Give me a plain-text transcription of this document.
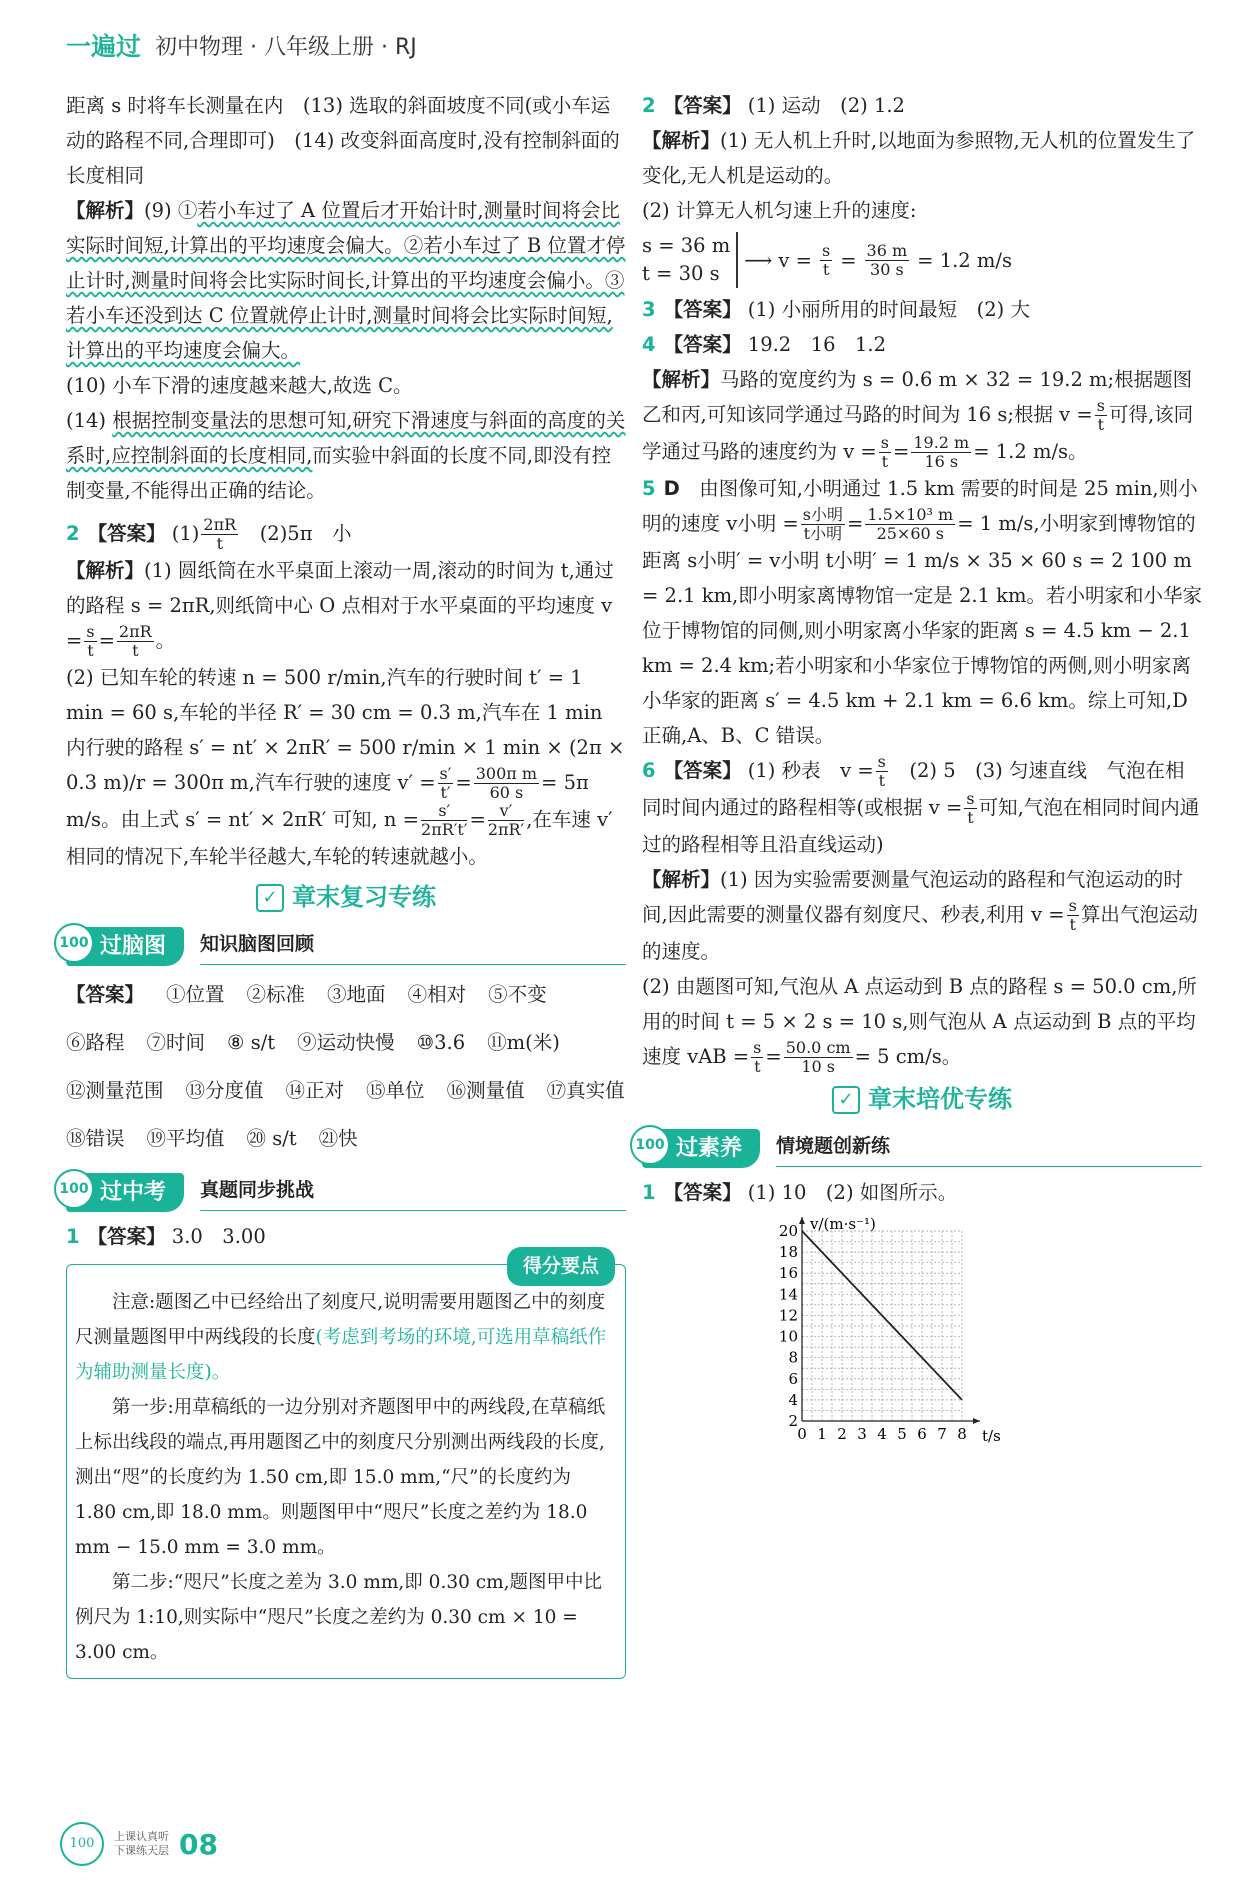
一遍过 初中物理 · 八年级上册 · RJ

距离 s 时将车长测量在内　(13) 选取的斜面坡度不同(或小车运动的路程不同,合理即可)　(14) 改变斜面高度时,没有控制斜面的长度相同

【解析】(9) ①若小车过了 A 位置后才开始计时,测量时间将会比实际时间短,计算出的平均速度会偏大。②若小车过了 B 位置才停止计时,测量时间将会比实际时间长,计算出的平均速度会偏小。③若小车还没到达 C 位置就停止计时,测量时间将会比实际时间短,计算出的平均速度会偏大。

(10) 小车下滑的速度越来越大,故选 C。

(14) 根据控制变量法的思想可知,研究下滑速度与斜面的高度的关系时,应控制斜面的长度相同,而实验中斜面的长度不同,即没有控制变量,不能得出正确的结论。

2 【答案】 $(1) \frac{2\pi R}{t}$
　 (2)5π　小

【解析】(1) 圆纸筒在水平桌面上滚动一周,滚动的时间为 t,通过的路程 s = 2πR,则纸筒中心 O 点相对于水平桌面的平均速度 $v = \frac{s}{t} = \frac{2\pi R}{t}$ 。

(2) 已知车轮的转速 n = 500 r/min,汽车的行驶时间 t′ = 1 min = 60 s,车轮的半径 R′ = 30 cm = 0.3 m,汽车在 1 min 内行驶的路程 s′ = nt′ × 2πR′ = 500 r/min × 1 min × (2π × 0.3 m)/r = 300π m,汽车行驶的速度 $v' = \frac{s'}{t'} = \frac{\text{300π m}}{60 s} = 5\pi$ m/s。由上式 s′ = nt′ × 2πR′ 可知, $n = \frac{s'}{2\pi R't'} = \frac{v'}{2\pi R'}$ ,在车速 v′ 相同的情况下,车轮半径越大,车轮的转速就越小。

✓ 章末复习专练
100 过脑图	知识脑图回顾
【答案】 ①位置 ②标准 ③地面 ④相对 ⑤不变
⑥路程 ⑦时间 ⑧ s/t ⑨运动快慢 ⑩3.6 ⑪m(米)
⑫测量范围 ⑬分度值 ⑭正对 ⑮单位 ⑯测量值 ⑰真实值
⑱错误 ⑲平均值 ⑳ s/t ㉑快
100 过中考	真题同步挑战

1 【答案】 3.0　3.00

得分要点

　　注意:题图乙中已经给出了刻度尺,说明需要用题图乙中的刻度尺测量题图甲中两线段的长度(考虑到考场的环境,可选用草稿纸作为辅助测量长度)。

第一步:用草稿纸的一边分别对齐题图甲中的两线段,在草稿纸上标出线段的端点,再用题图乙中的刻度尺分别测出两线段的长度,测出“咫”的长度约为 1.50 cm,即 15.0 mm,“尺”的长度约为 1.80 cm,即 18.0 mm。则题图甲中“咫尺”长度之差约为 18.0 mm − 15.0 mm = 3.0 mm。

第二步:“咫尺”长度之差为 3.0 mm,即 0.30 cm,题图甲中比例尺为 1:10,则实际中“咫尺”长度之差约为 0.30 cm × 10 = 3.00 cm。

2 【答案】 (1) 运动　(2) 1.2

【解析】(1) 无人机上升时,以地面为参照物,无人机的位置发生了变化,无人机是运动的。

(2) 计算无人机匀速上升的速度:

s = 36 m
t = 30 s
⟶ $v = \frac{s}{t} = \frac{36 m}{30 s} = 1.2$ m/s

3 【答案】 (1) 小丽所用的时间最短　(2) 大

4 【答案】 19.2　16　1.2

【解析】马路的宽度约为 s = 0.6 m × 32 = 19.2 m;根据题图乙和丙,可知该同学通过马路的时间为 16 s;根据 $v = \frac{s}{t}$ 可得,该同学通过马路的速度约为 $v = \frac{s}{t} = \frac{19.2 m}{16 s} = 1.2$ m/s。

5 D　 由图像可知,小明通过 1.5 km 需要的时间是 25 min,则小明的速度 v小明 = $\frac{\text{s小明}}{\text{t小明}} = \frac{\text{1.5×10³ m}}{25\times 60 s} = 1$ m/s,小明家到博物馆的距离 s小明′ = v小明 t小明′ = 1 m/s × 35 × 60 s = 2 100 m = 2.1 km,即小明家离博物馆一定是 2.1 km。若小明家和小华家位于博物馆的同侧,则小明家离小华家的距离 s = 4.5 km − 2.1 km = 2.4 km;若小明家和小华家位于博物馆的两侧,则小明家离小华家的距离 s′ = 4.5 km + 2.1 km = 6.6 km。综上可知,D 正确,A、B、C 错误。

6 【答案】 (1) 秒表　$v = \frac{s}{t}$
　 (2) 5　(3) 匀速直线　气泡在相同时间内通过的路程相等(或根据 $v = \frac{s}{t}$ 可知,气泡在相同时间内通过的路程相等且沿直线运动)

【解析】(1) 因为实验需要测量气泡运动的路程和气泡运动的时间,因此需要的测量仪器有刻度尺、秒表,利用 $v = \frac{s}{t}$ 算出气泡运动的速度。

(2) 由题图可知,气泡从 A 点运动到 B 点的路程 s = 50.0 cm,所用的时间 t = 5 × 2 s = 10 s,则气泡从 A 点运动到 B 点的平均速度 vAB = $\frac{s}{t} = \frac{50.0 cm}{10 s} = 5$ cm/s。

✓ 章末培优专练
100 过素养	情境题创新练

1 【答案】 (1) 10　(2) 如图所示。

0 1 2 3 4 5 6 7 8
2
4
6
8
10
12
14
16
18
20 v/(m·s⁻¹)
t/s
100	上课认真听
下课练天层 08
